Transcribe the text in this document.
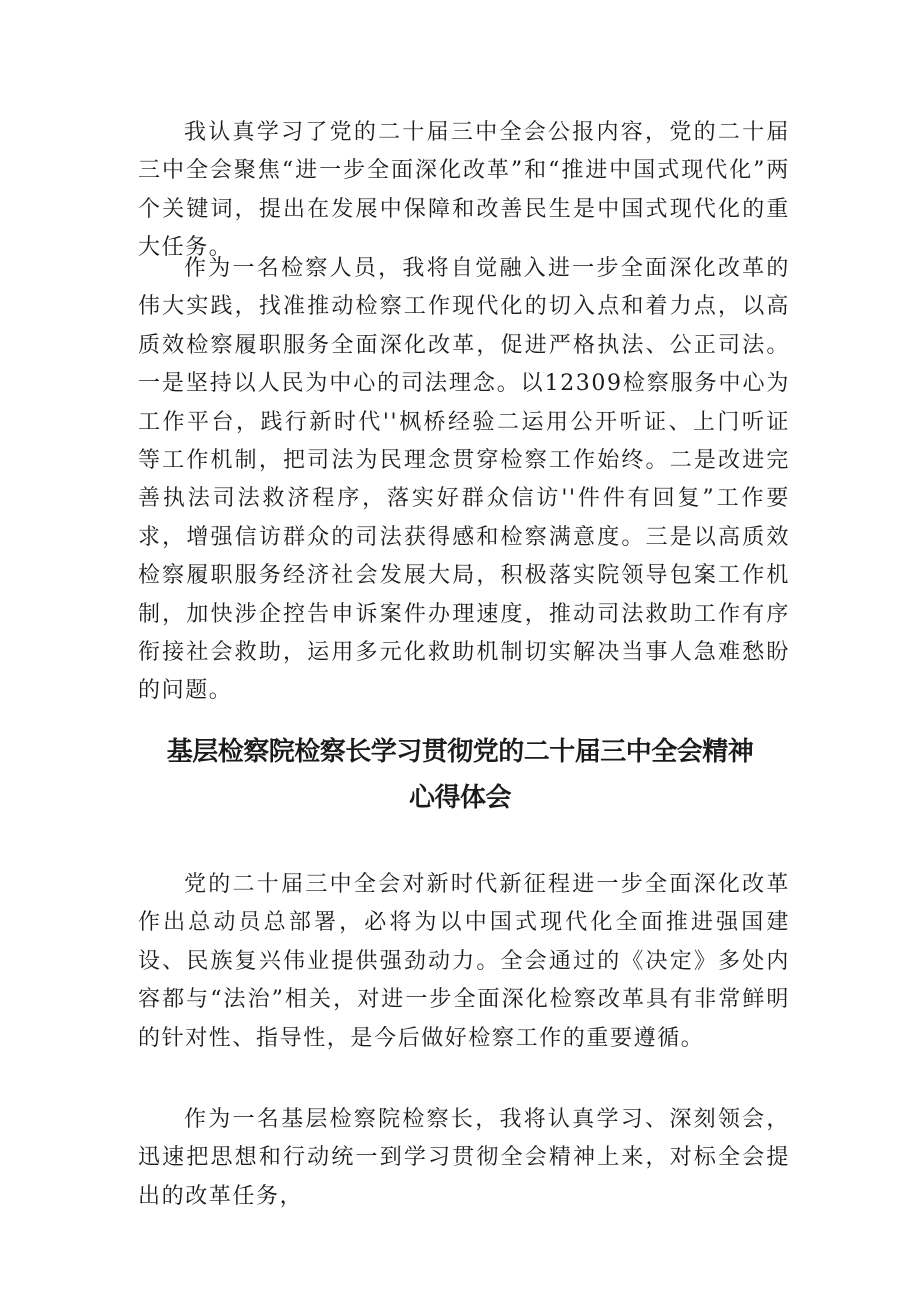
我认真学习了党的二十届三中全会公报内容，党的二十届三中全会聚焦“进一步全面深化改革”和“推进中国式现代化”两个关键词，提出在发展中保障和改善民生是中国式现代化的重大任务。

作为一名检察人员，我将自觉融入进一步全面深化改革的伟大实践，找准推动检察工作现代化的切入点和着力点，以高质效检察履职服务全面深化改革，促进严格执法、公正司法。一是坚持以人民为中心的司法理念。以12309检察服务中心为工作平台，践行新时代''枫桥经验二运用公开听证、上门听证等工作机制，把司法为民理念贯穿检察工作始终。二是改进完善执法司法救济程序，落实好群众信访''件件有回复”工作要求，增强信访群众的司法获得感和检察满意度。三是以高质效检察履职服务经济社会发展大局，积极落实院领导包案工作机制，加快涉企控告申诉案件办理速度，推动司法救助工作有序衔接社会救助，运用多元化救助机制切实解决当事人急难愁盼的问题。

基层检察院检察长学习贯彻党的二十届三中全会精神
心得体会

党的二十届三中全会对新时代新征程进一步全面深化改革作出总动员总部署，必将为以中国式现代化全面推进强国建设、民族复兴伟业提供强劲动力。全会通过的《决定》多处内容都与“法治”相关，对进一步全面深化检察改革具有非常鲜明的针对性、指导性，是今后做好检察工作的重要遵循。

作为一名基层检察院检察长，我将认真学习、深刻领会，迅速把思想和行动统一到学习贯彻全会精神上来，对标全会提出的改革任务，
